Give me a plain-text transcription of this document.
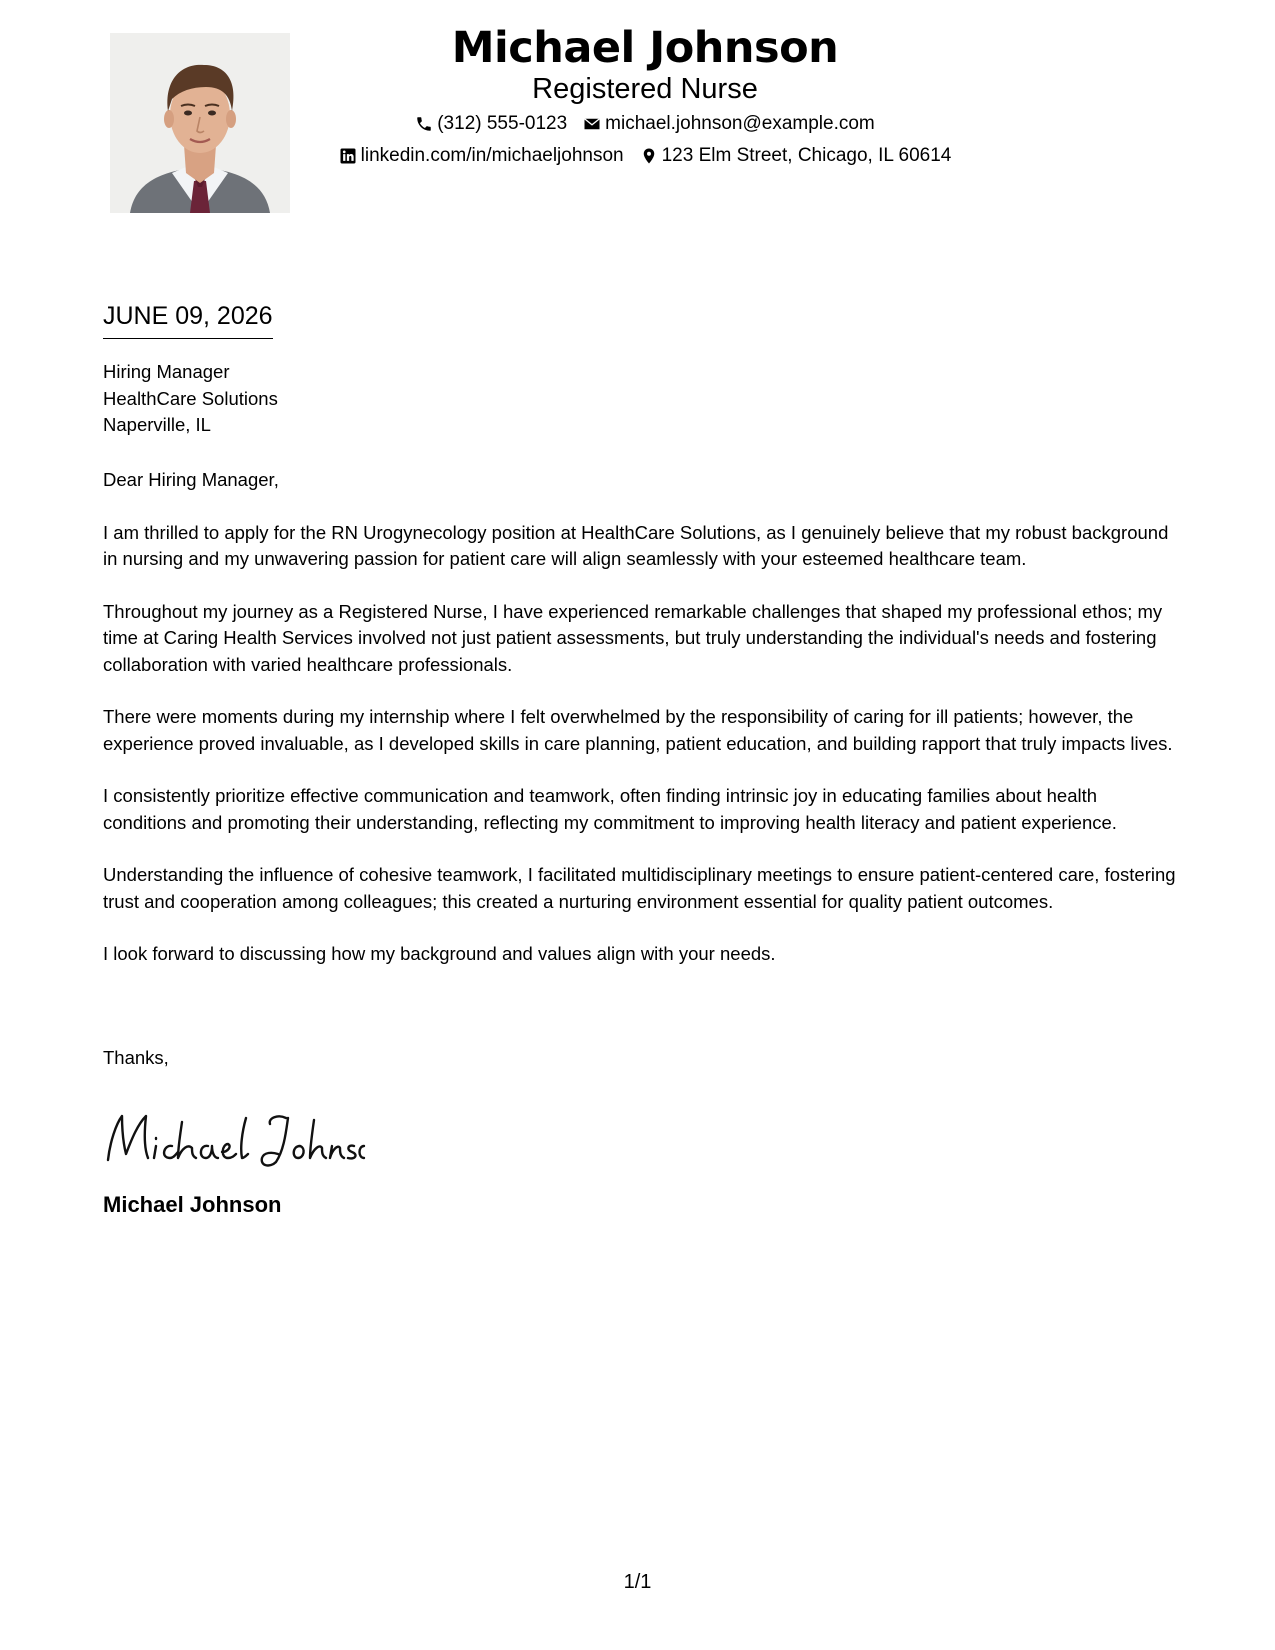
Michael Johnson
Registered Nurse
(312) 555-0123 michael.johnson@example.com
linkedin.com/in/michaeljohnson 123 Elm Street, Chicago, IL 60614
JUNE 09, 2026
Hiring Manager
HealthCare Solutions
Naperville, IL

Dear Hiring Manager,

I am thrilled to apply for the RN Urogynecology position at HealthCare Solutions, as I genuinely believe that my robust background in nursing and my unwavering passion for patient care will align seamlessly with your esteemed healthcare team.

Throughout my journey as a Registered Nurse, I have experienced remarkable challenges that shaped my professional ethos; my time at Caring Health Services involved not just patient assessments, but truly understanding the individual's needs and fostering collaboration with varied healthcare professionals.

There were moments during my internship where I felt overwhelmed by the responsibility of caring for ill patients; however, the experience proved invaluable, as I developed skills in care planning, patient education, and building rapport that truly impacts lives.

I consistently prioritize effective communication and teamwork, often finding intrinsic joy in educating families about health conditions and promoting their understanding, reflecting my commitment to improving health literacy and patient experience.

Understanding the influence of cohesive teamwork, I facilitated multidisciplinary meetings to ensure patient-centered care, fostering trust and cooperation among colleagues; this created a nurturing environment essential for quality patient outcomes.

I look forward to discussing how my background and values align with your needs.

Thanks,
Michael Johnson
1/1
